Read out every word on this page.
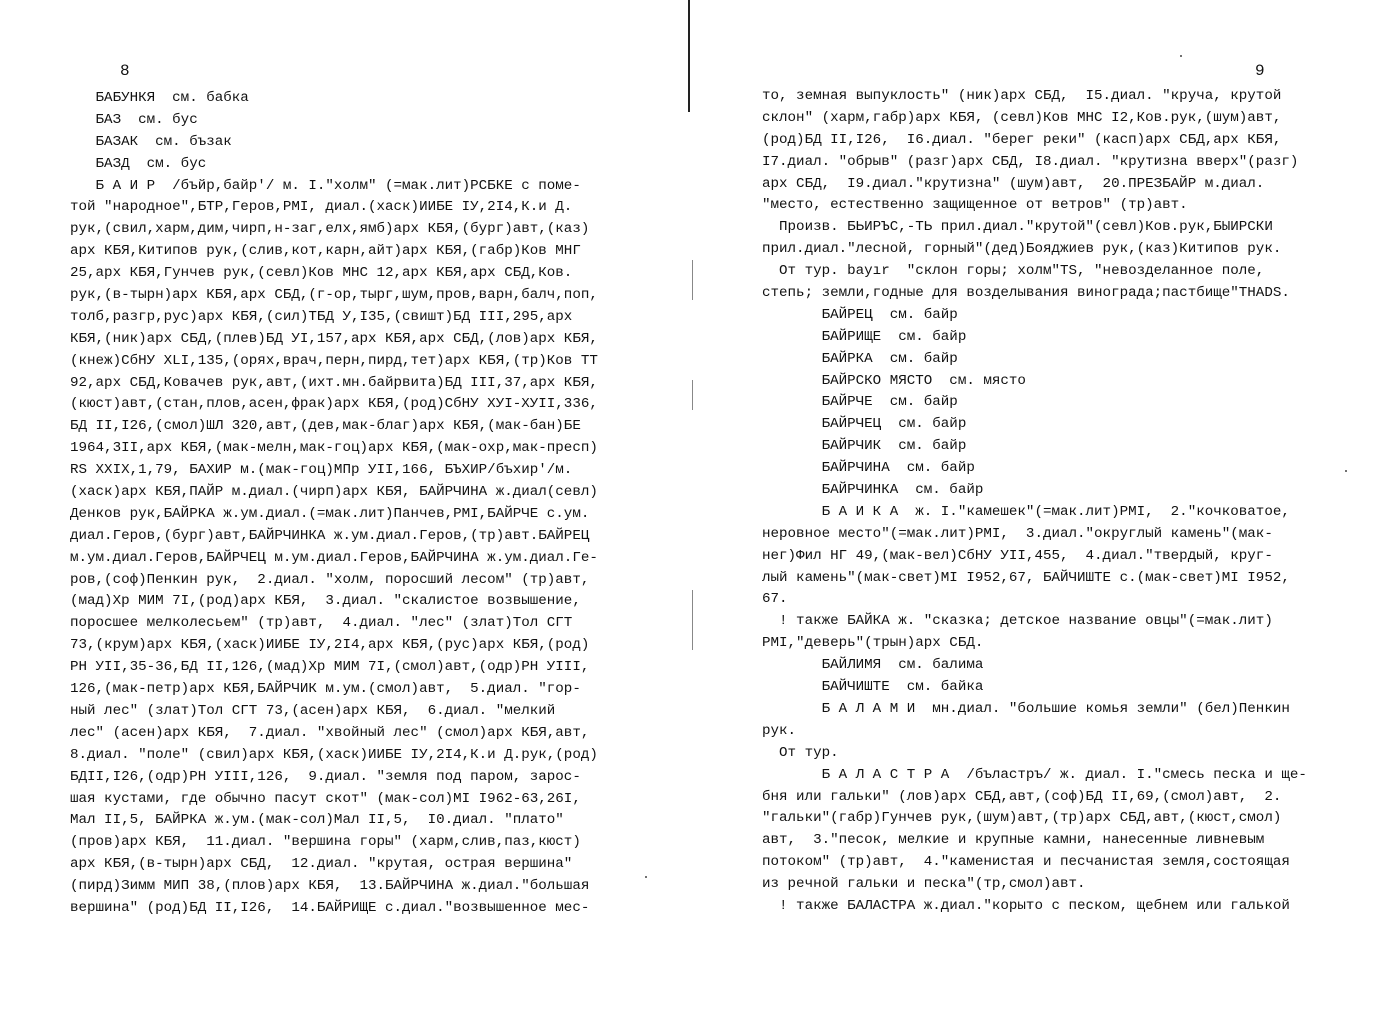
8
БАБУНКЯ  см. бабка
БАЗ  см. бус
БАЗАК  см. бъзак
БАЗД  см. бус
Б А И Р  /бъйр,байр'/ м. I."холм" (=мак.лит)РСБКЕ с поме-
той "народное",БТР,Геров,РМI, диал.(хаск)ИИБЕ IУ,2I4,К.и Д.
рук,(свил,харм,дим,чирп,н-заг,елх,ямб)арх КБЯ,(бург)авт,(каз)
арх КБЯ,Китипов рук,(слив,кот,карн,айт)арх КБЯ,(габр)Ков МНГ
25,арх КБЯ,Гунчев рук,(севл)Ков МНС 12,арх КБЯ,арх СБД,Ков.
рук,(в-тырн)арх КБЯ,арх СБД,(г-ор,тырг,шум,пров,варн,балч,поп,
толб,разгр,рус)арх КБЯ,(сил)ТБД У,I35,(свишт)БД III,295,арх
КБЯ,(ник)арх СБД,(плев)БД УI,157,арх КБЯ,арх СБД,(лов)арх КБЯ,
(кнеж)СбНУ XLI,135,(орях,врач,перн,пирд,тет)арх КБЯ,(тр)Ков ТТ
92,арх СБД,Ковачев рук,авт,(ихт.мн.байрвита)БД III,37,арх КБЯ,
(кюст)авт,(стан,плов,асен,фрак)арх КБЯ,(род)СбНУ ХУI-ХУII,336,
БД II,I26,(смол)ШЛ 320,авт,(дев,мак-благ)арх КБЯ,(мак-бан)БЕ
1964,3II,арх КБЯ,(мак-мелн,мак-гоц)арх КБЯ,(мак-охр,мак-пресп)
RS XXIX,1,79, БАХИР м.(мак-гоц)МПр УII,166, БЪХИР/бъхир'/м.
(хаск)арх КБЯ,ПАЙР м.диал.(чирп)арх КБЯ, БАЙРЧИНА ж.диал(севл)
Денков рук,БАЙРКА ж.ум.диал.(=мак.лит)Панчев,РМI,БАЙРЧЕ с.ум.
диал.Геров,(бург)авт,БАЙРЧИНКА ж.ум.диал.Геров,(тр)авт.БАЙРЕЦ
м.ум.диал.Геров,БАЙРЧЕЦ м.ум.диал.Геров,БАЙРЧИНА ж.ум.диал.Ге-
ров,(соф)Пенкин рук,  2.диал. "холм, поросший лесом" (тр)авт,
(мад)Хр МИМ 7I,(род)арх КБЯ,  3.диал. "скалистое возвышение,
поросшее мелколесьем" (тр)авт,  4.диал. "лес" (злат)Тол СГТ
73,(крум)арх КБЯ,(хаск)ИИБЕ IУ,2I4,арх КБЯ,(рус)арх КБЯ,(род)
РН УII,35-36,БД II,126,(мад)Хр МИМ 7I,(смол)авт,(одр)РН УIII,
126,(мак-петр)арх КБЯ,БАЙРЧИК м.ум.(смол)авт,  5.диал. "гор-
ный лес" (злат)Тол СГТ 73,(асен)арх КБЯ,  6.диал. "мелкий
лес" (асен)арх КБЯ,  7.диал. "хвойный лес" (смол)арх КБЯ,авт,
8.диал. "поле" (свил)арх КБЯ,(хаск)ИИБЕ IУ,2I4,К.и Д.рук,(род)
БДII,I26,(одр)РН УIII,126,  9.диал. "земля под паром, зарос-
шая кустами, где обычно пасут скот" (мак-сол)МI I962-63,26I,
Мал II,5, БАЙРКА ж.ум.(мак-сол)Мал II,5,  I0.диал. "плато"
(пров)арх КБЯ,  11.диал. "вершина горы" (харм,слив,паз,кюст)
арх КБЯ,(в-тырн)арх СБД,  12.диал. "крутая, острая вершина"
(пирд)Зимм МИП 38,(плов)арх КБЯ,  13.БАЙРЧИНА ж.диал."большая
вершина" (род)БД II,I26,  14.БАЙРИЩЕ с.диал."возвышенное мес-
9
то, земная выпуклость" (ник)арх СБД,  I5.диал. "круча, крутой
склон" (харм,габр)арх КБЯ, (севл)Ков МНС I2,Ков.рук,(шум)авт,
(род)БД II,I26,  I6.диал. "берег реки" (касп)арх СБД,арх КБЯ,
I7.диал. "обрыв" (разг)арх СБД, I8.диал. "крутизна вверх"(разг)
арх СБД,  I9.диал."крутизна" (шум)авт,  20.ПРЕЗБАЙР м.диал.
"место, естественно защищенное от ветров" (тр)авт.
Произв. БЬИРЪС,-ТЬ прил.диал."крутой"(севл)Ков.рук,БЫИРСКИ
прил.диал."лесной, горный"(дед)Бояджиев рук,(каз)Китипов рук.
От тур. bayır  "склон горы; холм"TS, "невозделанное поле,
степь; земли,годные для возделывания винограда;пастбище"THADS.
БАЙРЕЦ  см. байр
БАЙРИЩЕ  см. байр
БАЙРКА  см. байр
БАЙРСКО МЯСТО  см. място
БАЙРЧЕ  см. байр
БАЙРЧЕЦ  см. байр
БАЙРЧИК  см. байр
БАЙРЧИНА  см. байр
БАЙРЧИНКА  см. байр
Б А И К А  ж. I."камешек"(=мак.лит)РМI,  2."кочковатое,
неровное место"(=мак.лит)РМI,  3.диал."округлый камень"(мак-
нег)Фил НГ 49,(мак-вел)СбНУ УII,455,  4.диал."твердый, круг-
лый камень"(мак-свет)МI I952,67, БАЙЧИШТЕ с.(мак-свет)МI I952,
67.
! также БАЙКА ж. "сказка; детское название овцы"(=мак.лит)
РМI,"деверь"(трын)арх СБД.
БАЙЛИМЯ  см. балима
БАЙЧИШТЕ  см. байка
Б А Л А М И  мн.диал. "большие комья земли" (бел)Пенкин
рук.
От тур.
Б А Л А С Т Р А  /бъластръ/ ж. диал. I."смесь песка и ще-
бня или гальки" (лов)арх СБД,авт,(соф)БД II,69,(смол)авт,  2.
"гальки"(габр)Гунчев рук,(шум)авт,(тр)арх СБД,авт,(кюст,смол)
авт,  3."песок, мелкие и крупные камни, нанесенные ливневым
потоком" (тр)авт,  4."каменистая и песчанистая земля,состоящая
из речной гальки и песка"(тр,смол)авт.
! также БАЛАСТРА ж.диал."корыто с песком, щебнем или галькой
